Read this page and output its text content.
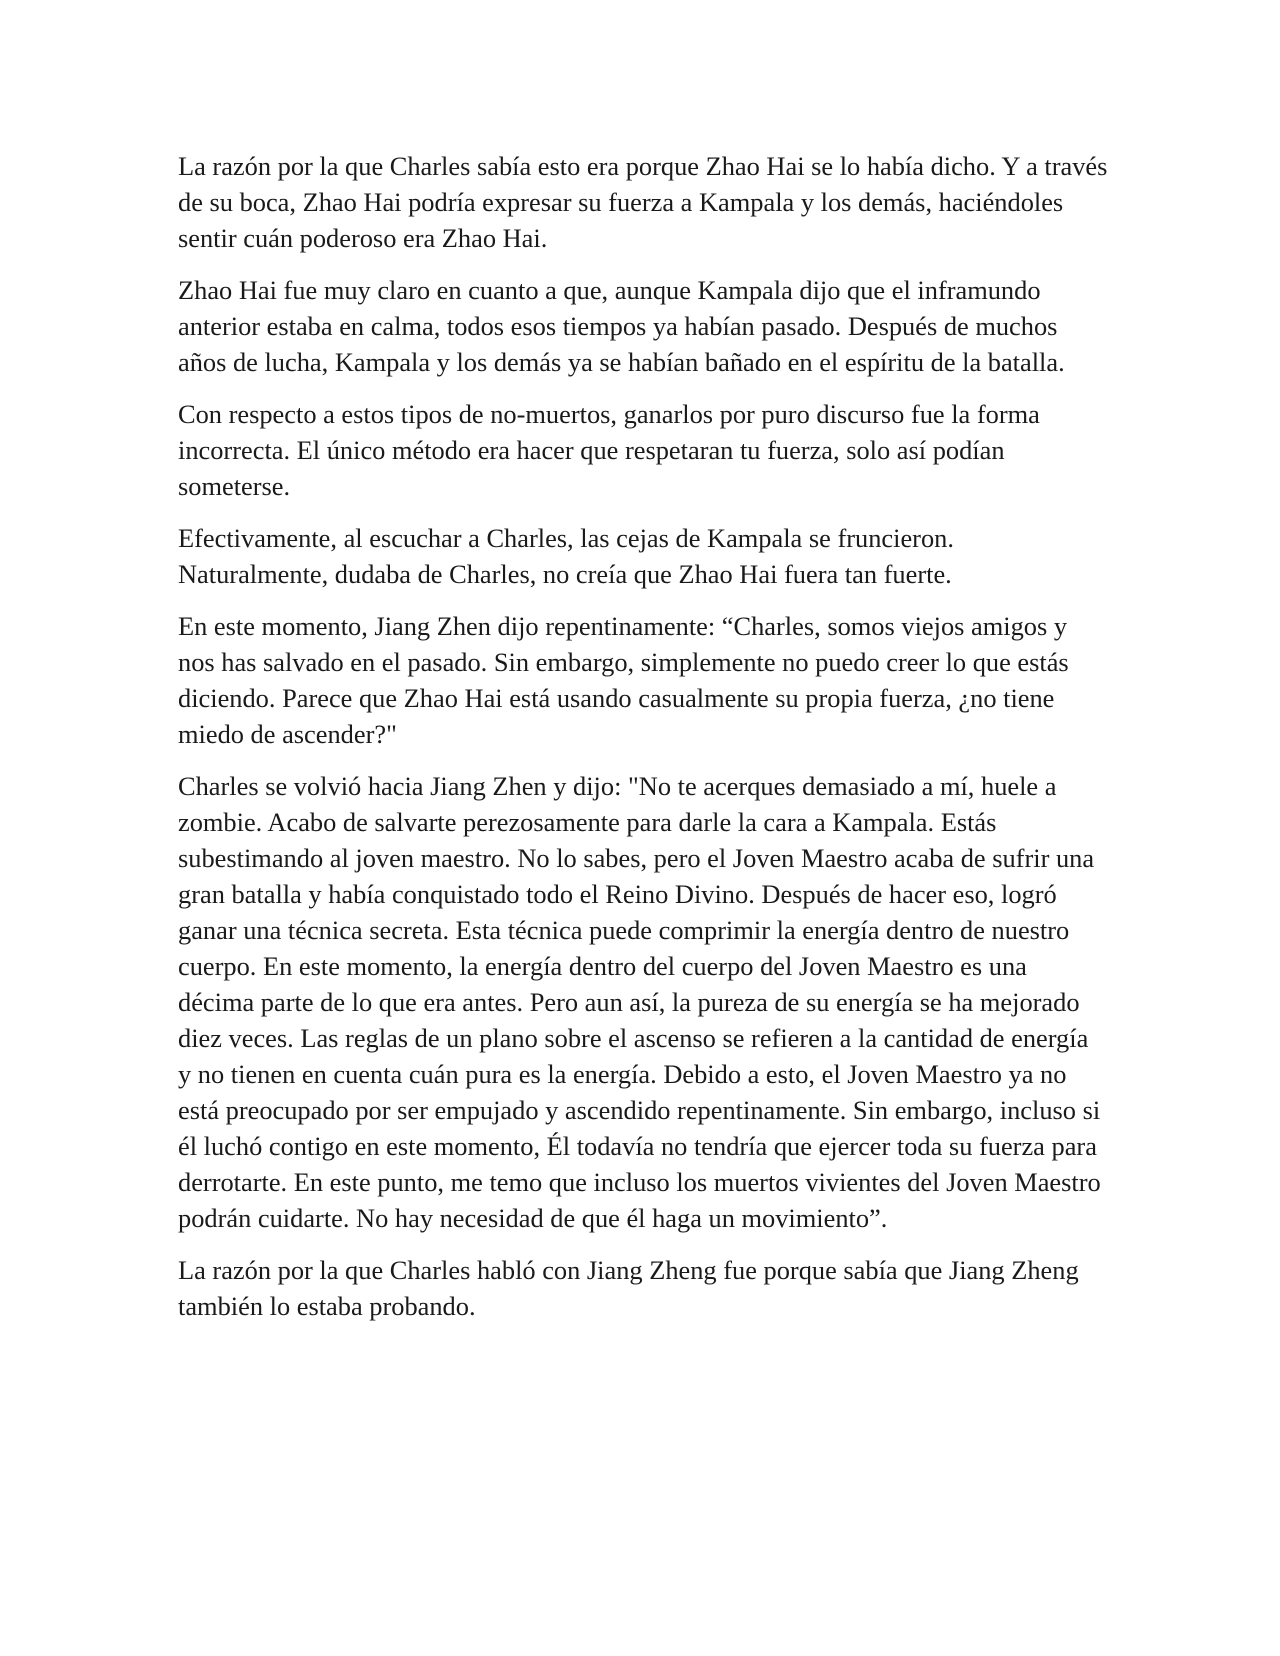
La razón por la que Charles sabía esto era porque Zhao Hai se lo había dicho. Y a través de su boca, Zhao Hai podría expresar su fuerza a Kampala y los demás, haciéndoles sentir cuán poderoso era Zhao Hai.

Zhao Hai fue muy claro en cuanto a que, aunque Kampala dijo que el inframundo anterior estaba en calma, todos esos tiempos ya habían pasado. Después de muchos años de lucha, Kampala y los demás ya se habían bañado en el espíritu de la batalla.

Con respecto a estos tipos de no-muertos, ganarlos por puro discurso fue la forma incorrecta. El único método era hacer que respetaran tu fuerza, solo así podían someterse.

Efectivamente, al escuchar a Charles, las cejas de Kampala se fruncieron. Naturalmente, dudaba de Charles, no creía que Zhao Hai fuera tan fuerte.

En este momento, Jiang Zhen dijo repentinamente: “Charles, somos viejos amigos y nos has salvado en el pasado. Sin embargo, simplemente no puedo creer lo que estás diciendo. Parece que Zhao Hai está usando casualmente su propia fuerza, ¿no tiene miedo de ascender?"

Charles se volvió hacia Jiang Zhen y dijo: "No te acerques demasiado a mí, huele a zombie. Acabo de salvarte perezosamente para darle la cara a Kampala. Estás subestimando al joven maestro. No lo sabes, pero el Joven Maestro acaba de sufrir una gran batalla y había conquistado todo el Reino Divino. Después de hacer eso, logró ganar una técnica secreta. Esta técnica puede comprimir la energía dentro de nuestro cuerpo. En este momento, la energía dentro del cuerpo del Joven Maestro es una décima parte de lo que era antes. Pero aun así, la pureza de su energía se ha mejorado diez veces. Las reglas de un plano sobre el ascenso se refieren a la cantidad de energía y no tienen en cuenta cuán pura es la energía. Debido a esto, el Joven Maestro ya no está preocupado por ser empujado y ascendido repentinamente. Sin embargo, incluso si él luchó contigo en este momento, Él todavía no tendría que ejercer toda su fuerza para derrotarte. En este punto, me temo que incluso los muertos vivientes del Joven Maestro podrán cuidarte. No hay necesidad de que él haga un movimiento”.

La razón por la que Charles habló con Jiang Zheng fue porque sabía que Jiang Zheng también lo estaba probando.
